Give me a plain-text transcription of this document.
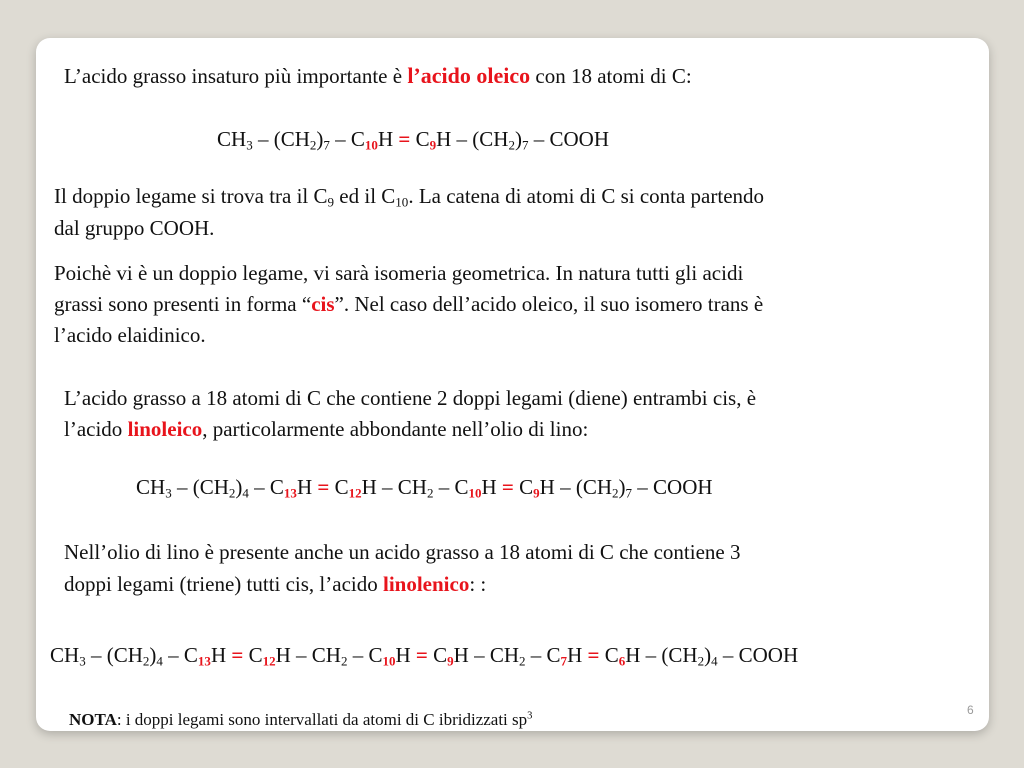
L’acido grasso insaturo più importante è l’acido oleico con 18 atomi di C:
$CH_3 - (CH_2)_7 - C_{10}H = C_9H - (CH_2)_7$ – COOH
Il doppio legame si trova tra il $C_9$ ed il $C_{10}$. La catena di atomi di C si conta partendo
dal gruppo COOH.
Poichè vi è un doppio legame, vi sarà isomeria geometrica. In natura tutti gli acidi
grassi sono presenti in forma “cis”. Nel caso dell’acido oleico, il suo isomero trans è
l’acido elaidinico.
L’acido grasso a 18 atomi di C che contiene 2 doppi legami (diene) entrambi cis, è
l’acido linoleico, particolarmente abbondante nell’olio di lino:
$CH_3 - (CH_2)_4 - C_{13}H = C_{12}H - CH_2 - C_{10}H = C_9H - (CH_2)_7$ – COOH
Nell’olio di lino è presente anche un acido grasso a 18 atomi di C che contiene 3
doppi legami (triene) tutti cis, l’acido linolenico: :
$CH_3 - (CH_2)_4 - C_{13}H = C_{12}H - CH_2 - C_{10}H = C_9H - CH_2 - C_7H = C_6H - (CH_2)_4$ – COOH
NOTA: i doppi legami sono intervallati da atomi di C ibridizzati $sp^3$	6
